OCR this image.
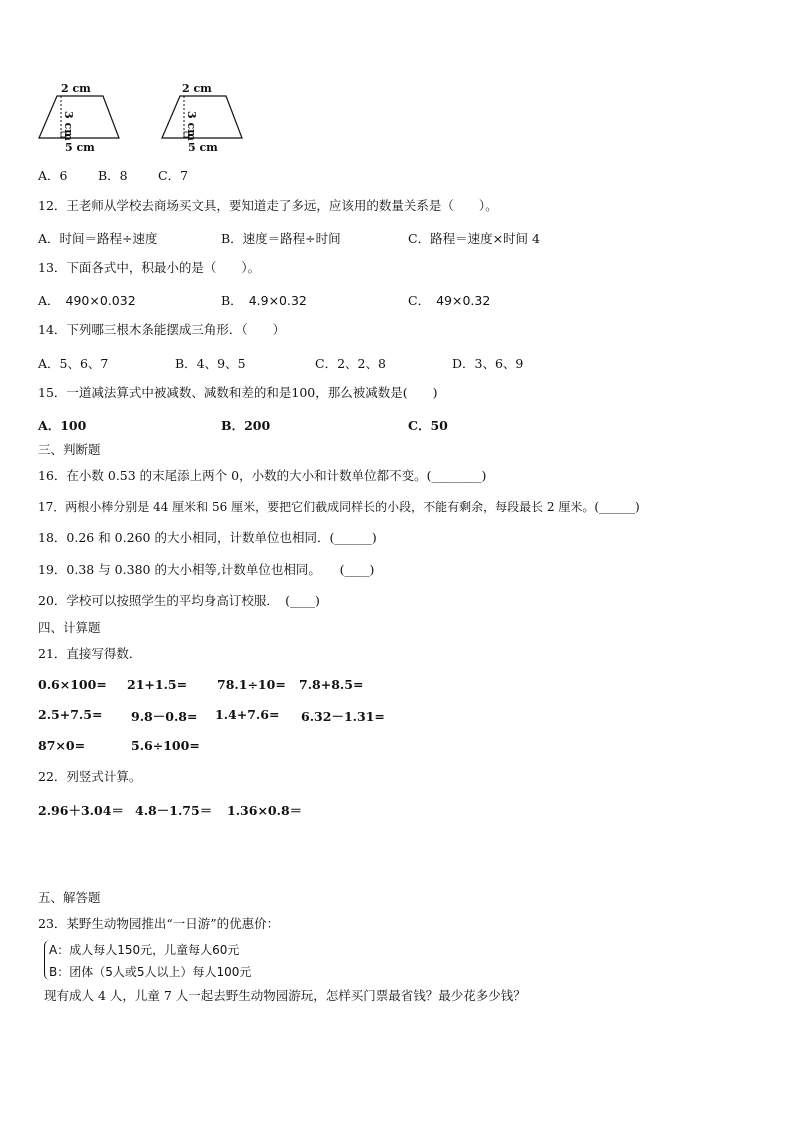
2 cm
3 cm
5 cm
2 cm
3 cm
5 cm
A．6 B．8 C．7
12．王老师从学校去商场买文具，要知道走了多远，应该用的数量关系是（　　）。
A．时间＝路程÷速度	B．速度＝路程÷时间	C．路程＝速度×时间 4
13．下面各式中，积最小的是（　　）。
A． 490×0.032	B． 4.9×0.32	C． 49×0.32
14．下列哪三根木条能摆成三角形．（　　）
A．5、6、7	B．4、9、5	C．2、2、8	D．3、6、9
15．一道减法算式中被减数、减数和差的和是100，那么被减数是(　　)
A．100	B．200	C．50
三、判断题
16．在小数 0.53 的末尾添上两个 0，小数的大小和计数单位都不变。(________)
17．两根小棒分别是 44 厘米和 56 厘米，要把它们截成同样长的小段，不能有剩余，每段最长 2 厘米。(______)
18．0.26 和 0.260 的大小相同，计数单位也相同．(______)
19．0.38 与 0.380 的大小相等,计数单位也相同。　　(____)
20．学校可以按照学生的平均身高订校服．　(____)
四、计算题
21．直接写得数．
0.6×100= 21+1.5= 78.1÷10= 7.8+8.5=
2.5+7.5= 9.8－0.8= 1.4+7.6= 6.32－1.31=
87×0=	5.6÷100=
22．列竖式计算。
2.96＋3.04＝ 4.8－1.75＝ 1.36×0.8＝
五、解答题
23．某野生动物园推出“一日游”的优惠价：
A：成人每人150元，儿童每人60元
B：团体（5人或5人以上）每人100元
现有成人 4 人，儿童 7 人一起去野生动物园游玩，怎样买门票最省钱？最少花多少钱？
